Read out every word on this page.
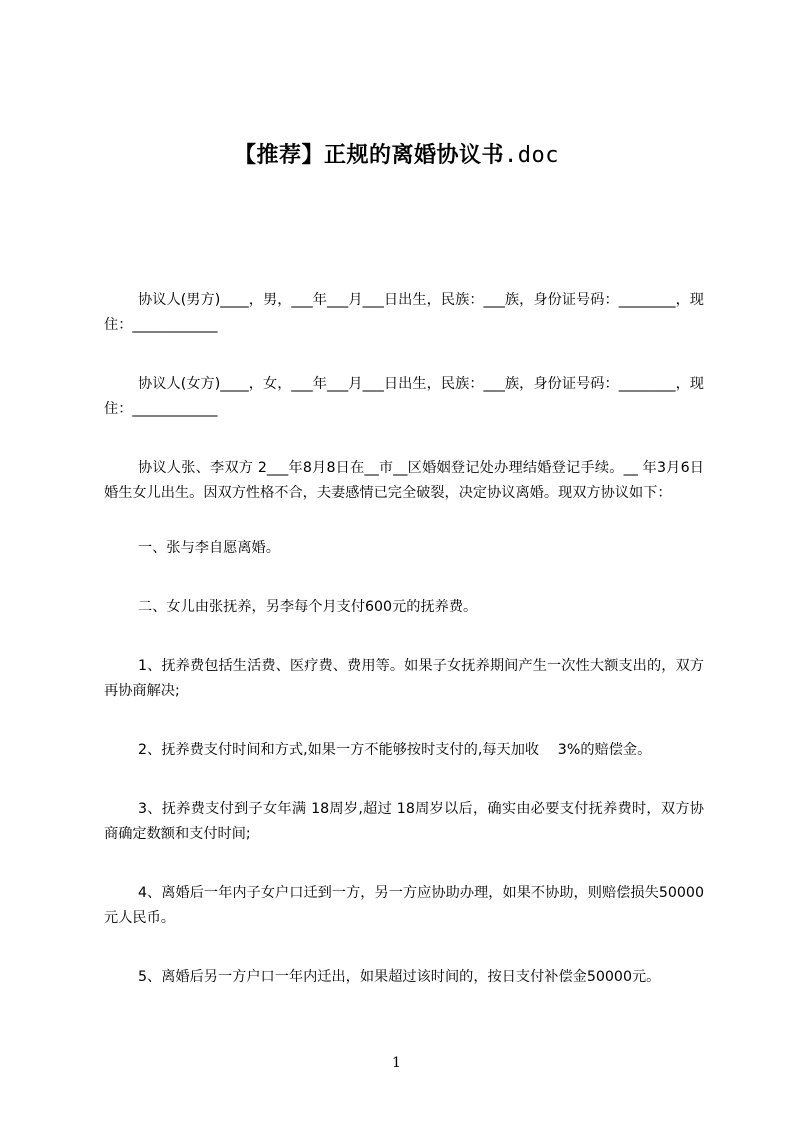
【推荐】正规的离婚协议书.doc

协议人(男方)____，男，___年___月___日出生，民族：___族，身份证号码：________，现住：____________

协议人(女方)____，女，___年___月___日出生，民族：___族，身份证号码：________，现住：____________

协议人张、李双方 2___年8月8日在__市__区婚姻登记处办理结婚登记手续。__ 年3月6日婚生女儿出生。因双方性格不合，夫妻感情已完全破裂，决定协议离婚。现双方协议如下：

一、张与李自愿离婚。

二、女儿由张抚养，另李每个月支付600元的抚养费。

1、抚养费包括生活费、医疗费、费用等。如果子女抚养期间产生一次性大额支出的，双方再协商解决;

2、抚养费支付时间和方式,如果一方不能够按时支付的,每天加收　 3%的赔偿金。

3、抚养费支付到子女年满 18周岁,超过 18周岁以后，确实由必要支付抚养费时，双方协商确定数额和支付时间;

4、离婚后一年内子女户口迁到一方，另一方应协助办理，如果不协助，则赔偿损失50000元人民币。

5、离婚后另一方户口一年内迁出，如果超过该时间的，按日支付补偿金50000元。

1
